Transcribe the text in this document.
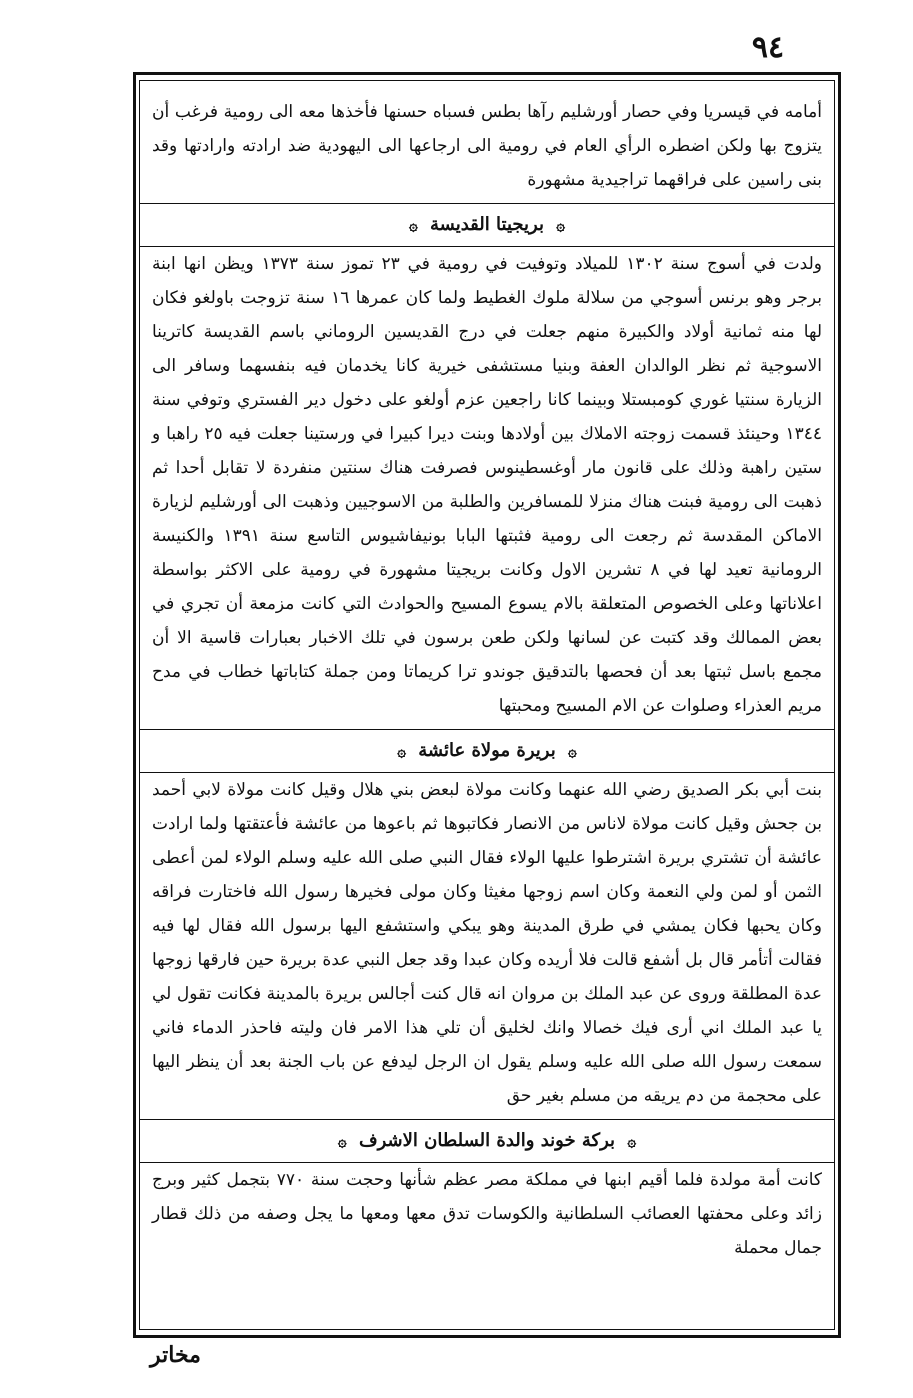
٩٤

أمامه في قيسريا وفي حصار أورشليم رآها بطس فسباه حسنها فأخذها معه الى رومية فرغب أن يتزوج بها ولكن اضطره الرأي العام في رومية الى ارجاعها الى اليهودية ضد ارادته وارادتها وقد بنى راسين على فراقهما تراجيدية مشهورة

۞ بريجيتا القديسة ۞

ولدت في أسوج سنة ١٣٠٢ للميلاد وتوفيت في رومية في ٢٣ تموز سنة ١٣٧٣ ويظن انها ابنة برجر وهو برنس أسوجي من سلالة ملوك الغطيط ولما كان عمرها ١٦ سنة تزوجت باولغو فكان لها منه ثمانية أولاد والكبيرة منهم جعلت في درج القديسين الروماني باسم القديسة كاترينا الاسوجية ثم نظر الوالدان العفة وبنيا مستشفى خيرية كانا يخدمان فيه بنفسهما وسافر الى الزيارة سنتيا غوري كومبستلا وبينما كانا راجعين عزم أولغو على دخول دير الفستري وتوفي سنة ١٣٤٤ وحينئذ قسمت زوجته الاملاك بين أولادها وبنت ديرا كبيرا في ورستينا جعلت فيه ٢٥ راهبا و ستين راهبة وذلك على قانون مار أوغسطينوس فصرفت هناك سنتين منفردة لا تقابل أحدا ثم ذهبت الى رومية فبنت هناك منزلا للمسافرين والطلبة من الاسوجيين وذهبت الى أورشليم لزيارة الاماكن المقدسة ثم رجعت الى رومية فثبتها البابا بونيفاشيوس التاسع سنة ١٣٩١ والكنيسة الرومانية تعيد لها في ٨ تشرين الاول وكانت بريجيتا مشهورة في رومية على الاكثر بواسطة اعلاناتها وعلى الخصوص المتعلقة بالام يسوع المسيح والحوادث التي كانت مزمعة أن تجري في بعض الممالك وقد كتبت عن لسانها ولكن طعن برسون في تلك الاخبار بعبارات قاسية الا أن مجمع باسل ثبتها بعد أن فحصها بالتدقيق جوندو ترا كريماتا ومن جملة كتاباتها خطاب في مدح مريم العذراء وصلوات عن الام المسيح ومحبتها

۞ بريرة مولاة عائشة ۞

بنت أبي بكر الصديق رضي الله عنهما وكانت مولاة لبعض بني هلال وقيل كانت مولاة لابي أحمد بن جحش وقيل كانت مولاة لاناس من الانصار فكاتبوها ثم باعوها من عائشة فأعتقتها ولما ارادت عائشة أن تشتري بريرة اشترطوا عليها الولاء فقال النبي صلى الله عليه وسلم الولاء لمن أعطى الثمن أو لمن ولي النعمة وكان اسم زوجها مغيثا وكان مولى فخيرها رسول الله فاختارت فراقه وكان يحبها فكان يمشي في طرق المدينة وهو يبكي واستشفع اليها برسول الله فقال لها فيه فقالت أتأمر قال بل أشفع قالت فلا أريده وكان عبدا وقد جعل النبي عدة بريرة حين فارقها زوجها عدة المطلقة وروى عن عبد الملك بن مروان انه قال كنت أجالس بريرة بالمدينة فكانت تقول لي يا عبد الملك اني أرى فيك خصالا وانك لخليق أن تلي هذا الامر فان وليته فاحذر الدماء فاني سمعت رسول الله صلى الله عليه وسلم يقول ان الرجل ليدفع عن باب الجنة بعد أن ينظر اليها على محجمة من دم يريقه من مسلم بغير حق

۞ بركة خوند والدة السلطان الاشرف ۞

كانت أمة مولدة فلما أقيم ابنها في مملكة مصر عظم شأنها وحجت سنة ٧٧٠ بتجمل كثير وبرج زائد وعلى محفتها العصائب السلطانية والكوسات تدق معها ومعها ما يجل وصفه من ذلك قطار جمال محملة

مخاتر
